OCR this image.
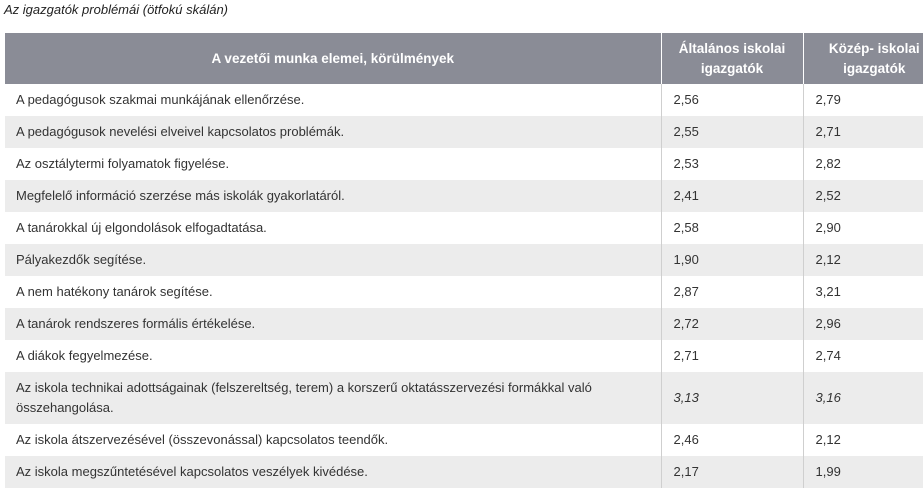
Az igazgatók problémái (ötfokú skálán)
A vezetői munka elemei, körülmények	Általános iskolai igazgatók	Közép- iskolai igazgatók
A pedagógusok szakmai munkájának ellenőrzése.	2,56	2,79
A pedagógusok nevelési elveivel kapcsolatos problémák.	2,55	2,71
Az osztálytermi folyamatok figyelése.	2,53	2,82
Megfelelő információ szerzése más iskolák gyakorlatáról.	2,41	2,52
A tanárokkal új elgondolások elfogadtatása.	2,58	2,90
Pályakezdők segítése.	1,90	2,12
A nem hatékony tanárok segítése.	2,87	3,21
A tanárok rendszeres formális értékelése.	2,72	2,96
A diákok fegyelmezése.	2,71	2,74
Az iskola technikai adottságainak (felszereltség, terem) a korszerű oktatásszervezési formákkal való összehangolása.	3,13	3,16
Az iskola átszervezésével (összevonással) kapcsolatos teendők.	2,46	2,12
Az iskola megszűntetésével kapcsolatos veszélyek kivédése.	2,17	1,99
